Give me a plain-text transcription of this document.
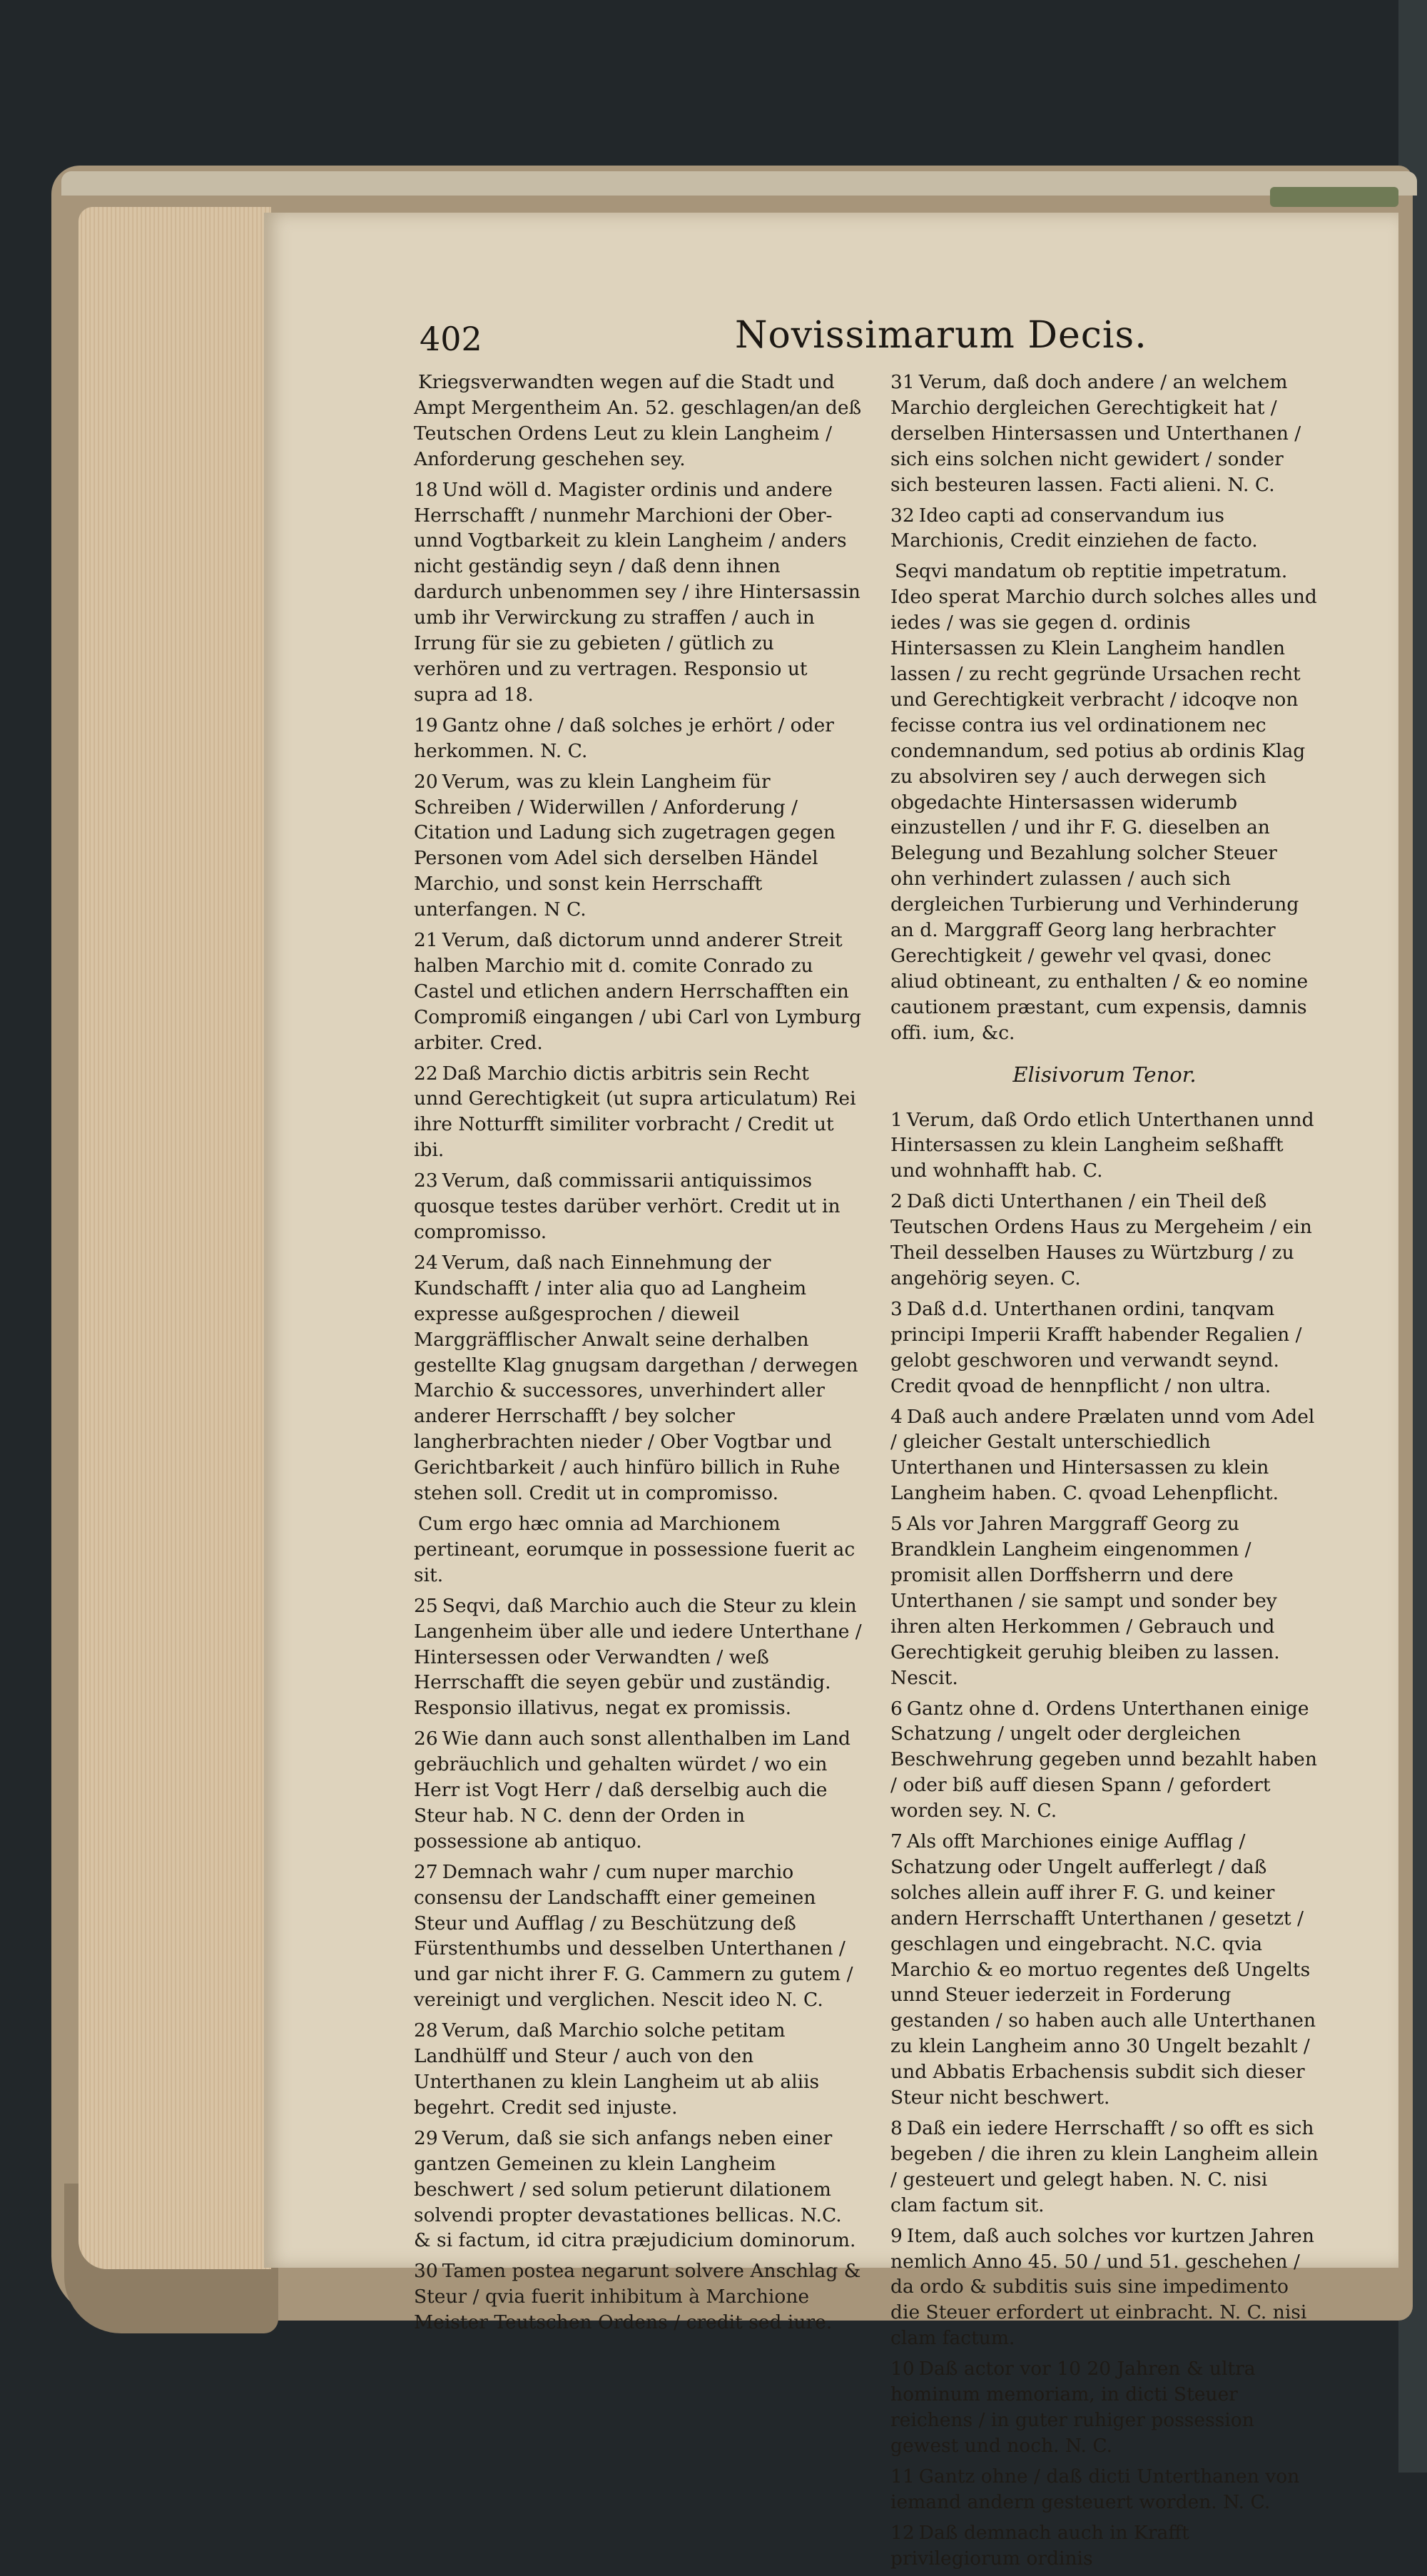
402	Novissimarum Decis.
Kriegsverwandten wegen auf die Stadt und Ampt Mergentheim An. 52. geschlagen/an deß Teutschen Ordens Leut zu klein Langheim / Anforderung geschehen sey.
18 Und wöll d. Magister ordinis und andere Herrschafft / nunmehr Marchioni der Ober- unnd Vogtbarkeit zu klein Langheim / anders nicht geständig seyn / daß denn ihnen dardurch unbenommen sey / ihre Hintersassin umb ihr Verwirckung zu straffen / auch in Irrung für sie zu gebieten / gütlich zu verhören und zu vertragen. Responsio ut supra ad 18.
19 Gantz ohne / daß solches je erhört / oder herkommen. N. C.
20 Verum, was zu klein Langheim für Schreiben / Widerwillen / Anforderung / Citation und Ladung sich zugetragen gegen Personen vom Adel sich derselben Händel Marchio, und sonst kein Herrschafft unterfangen. N C.
21 Verum, daß dictorum unnd anderer Streit halben Marchio mit d. comite Conrado zu Castel und etlichen andern Herrschafften ein Compromiß eingangen / ubi Carl von Lymburg arbiter. Cred.
22 Daß Marchio dictis arbitris sein Recht unnd Gerechtigkeit (ut supra articulatum) Rei ihre Notturfft similiter vorbracht / Credit ut ibi.
23 Verum, daß commissarii antiquissimos quosque testes darüber verhört. Credit ut in compromisso.
24 Verum, daß nach Einnehmung der Kundschafft / inter alia quo ad Langheim expresse außgesprochen / dieweil Marggräfflischer Anwalt seine derhalben gestellte Klag gnugsam dargethan / derwegen Marchio & successores, unverhindert aller anderer Herrschafft / bey solcher langherbrachten nieder / Ober Vogtbar und Gerichtbarkeit / auch hinfüro billich in Ruhe stehen soll. Credit ut in compromisso.
Cum ergo hæc omnia ad Marchionem pertineant, eorumque in possessione fuerit ac sit.
25 Seqvi, daß Marchio auch die Steur zu klein Langenheim über alle und iedere Unterthane / Hintersessen oder Verwandten / weß Herrschafft die seyen gebür und zuständig. Responsio illativus, negat ex promissis.
26 Wie dann auch sonst allenthalben im Land gebräuchlich und gehalten würdet / wo ein Herr ist Vogt Herr / daß derselbig auch die Steur hab. N C. denn der Orden in possessione ab antiquo.
27 Demnach wahr / cum nuper marchio consensu der Landschafft einer gemeinen Steur und Aufflag / zu Beschützung deß Fürstenthumbs und desselben Unterthanen / und gar nicht ihrer F. G. Cammern zu gutem / vereinigt und verglichen. Nescit ideo N. C.
28 Verum, daß Marchio solche petitam Landhülff und Steur / auch von den Unterthanen zu klein Langheim ut ab aliis begehrt. Credit sed injuste.
29 Verum, daß sie sich anfangs neben einer gantzen Gemeinen zu klein Langheim beschwert / sed solum petierunt dilationem solvendi propter devastationes bellicas. N.C. & si factum, id citra præjudicium dominorum.
30 Tamen postea negarunt solvere Anschlag & Steur / qvia fuerit inhibitum à Marchione Meister Teutschen Ordens / credit sed iure.
31 Verum, daß doch andere / an welchem Marchio dergleichen Gerechtigkeit hat / derselben Hintersassen und Unterthanen / sich eins solchen nicht gewidert / sonder sich besteuren lassen. Facti alieni. N. C.
32 Ideo capti ad conservandum ius Marchionis, Credit einziehen de facto.
Seqvi mandatum ob reptitie impetratum. Ideo sperat Marchio durch solches alles und iedes / was sie gegen d. ordinis Hintersassen zu Klein Langheim handlen lassen / zu recht gegründe Ursachen recht und Gerechtigkeit verbracht / idcoqve non fecisse contra ius vel ordinationem nec condemnandum, sed potius ab ordinis Klag zu absolviren sey / auch derwegen sich obgedachte Hintersassen widerumb einzustellen / und ihr F. G. dieselben an Belegung und Bezahlung solcher Steuer ohn verhindert zulassen / auch sich dergleichen Turbierung und Verhinderung an d. Marggraff Georg lang herbrachter Gerechtigkeit / gewehr vel qvasi, donec aliud obtineant, zu enthalten / & eo nomine cautionem præstant, cum expensis, damnis offi. ium, &c.
Elisivorum Tenor.
1 Verum, daß Ordo etlich Unterthanen unnd Hintersassen zu klein Langheim seßhafft und wohnhafft hab. C.
2 Daß dicti Unterthanen / ein Theil deß Teutschen Ordens Haus zu Mergeheim / ein Theil desselben Hauses zu Würtzburg / zu angehörig seyen. C.
3 Daß d.d. Unterthanen ordini, tanqvam principi Imperii Krafft habender Regalien / gelobt geschworen und verwandt seynd. Credit qvoad de hennpflicht / non ultra.
4 Daß auch andere Prælaten unnd vom Adel / gleicher Gestalt unterschiedlich Unterthanen und Hintersassen zu klein Langheim haben. C. qvoad Lehenpflicht.
5 Als vor Jahren Marggraff Georg zu Brandklein Langheim eingenommen / promisit allen Dorffsherrn und dere Unterthanen / sie sampt und sonder bey ihren alten Herkommen / Gebrauch und Gerechtigkeit geruhig bleiben zu lassen. Nescit.
6 Gantz ohne d. Ordens Unterthanen einige Schatzung / ungelt oder dergleichen Beschwehrung gegeben unnd bezahlt haben / oder biß auff diesen Spann / gefordert worden sey. N. C.
7 Als offt Marchiones einige Aufflag / Schatzung oder Ungelt aufferlegt / daß solches allein auff ihrer F. G. und keiner andern Herrschafft Unterthanen / gesetzt / geschlagen und eingebracht. N.C. qvia Marchio & eo mortuo regentes deß Ungelts unnd Steuer iederzeit in Forderung gestanden / so haben auch alle Unterthanen zu klein Langheim anno 30 Ungelt bezahlt / und Abbatis Erbachensis subdit sich dieser Steur nicht beschwert.
8 Daß ein iedere Herrschafft / so offt es sich begeben / die ihren zu klein Langheim allein / gesteuert und gelegt haben. N. C. nisi clam factum sit.
9 Item, daß auch solches vor kurtzen Jahren nemlich Anno 45. 50 / und 51. geschehen / da ordo & subditis suis sine impedimento die Steuer erfordert ut einbracht. N. C. nisi clam factum.
10 Daß actor vor 10 20 Jahren & ultra hominum memoriam, in dicti Steuer reichens / in guter ruhiger possession gewest und noch. N. C.
11 Gantz ohne / daß dicti Unterthanen von iemand andern gesteuert worden. N. C.
12 Daß demnach auch in Krafft privilegiorum ordinis
